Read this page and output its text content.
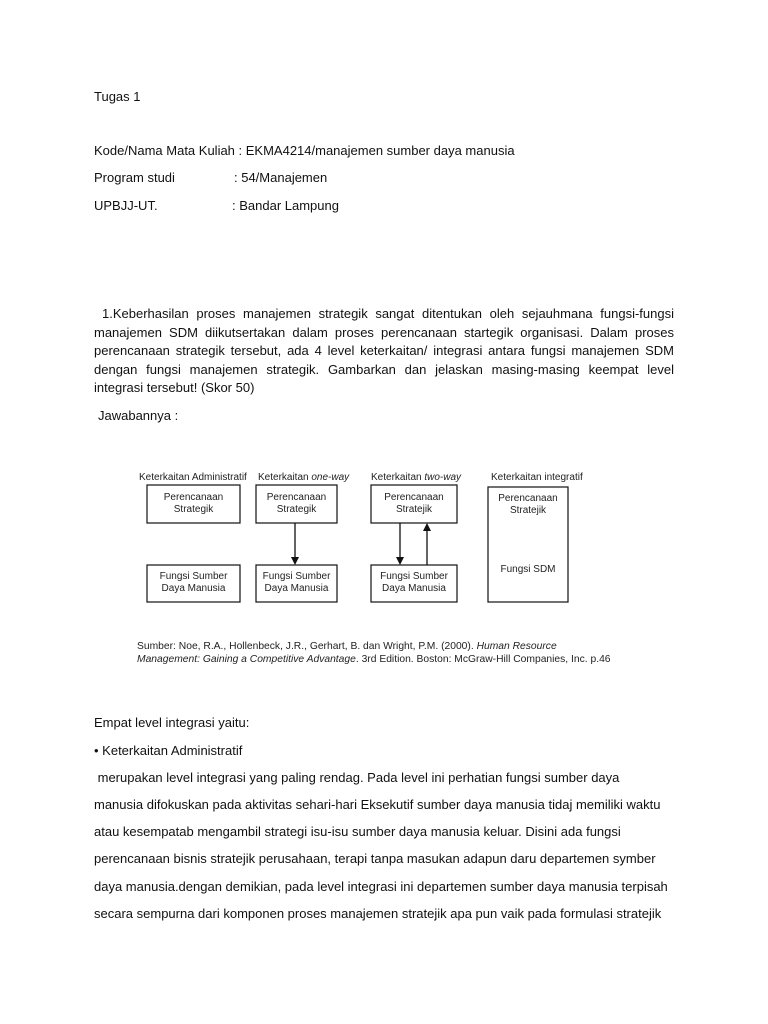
Tugas 1
Kode/Nama Mata Kuliah : EKMA4214/manajemen sumber daya manusia
Program studi	: 54/Manajemen
UPBJJ-UT.	: Bandar Lampung
1.Keberhasilan proses manajemen strategik sangat ditentukan oleh sejauhmana fungsi-fungsi manajemen SDM diikutsertakan dalam proses perencanaan startegik organisasi. Dalam proses perencanaan strategik tersebut, ada 4 level keterkaitan/ integrasi antara fungsi manajemen SDM dengan fungsi manajemen strategik. Gambarkan dan jelaskan masing-masing keempat level integrasi tersebut! (Skor 50)
Jawabannya :
Keterkaitan Administratif
Perencanaan
Strategik
Fungsi Sumber
Daya Manusia
Keterkaitan one-way
Perencanaan
Strategik
Fungsi Sumber
Daya Manusia
Keterkaitan two-way
Perencanaan
Stratejik
Fungsi Sumber
Daya Manusia
Keterkaitan integratif
Perencanaan
Stratejik
Fungsi SDM
Sumber: Noe, R.A., Hollenbeck, J.R., Gerhart, B. dan Wright, P.M. (2000). Human Resource
Management: Gaining a Competitive Advantage. 3rd Edition. Boston: McGraw-Hill Companies, Inc. p.46
Empat level integrasi yaitu:
• Keterkaitan Administratif
merupakan level integrasi yang paling rendag. Pada level ini perhatian fungsi sumber daya
manusia difokuskan pada aktivitas sehari-hari Eksekutif sumber daya manusia tidaj memiliki waktu
atau kesempatab mengambil strategi isu-isu sumber daya manusia keluar. Disini ada fungsi
perencanaan bisnis stratejik perusahaan, terapi tanpa masukan adapun daru departemen symber
daya manusia.dengan demikian, pada level integrasi ini departemen sumber daya manusia terpisah
secara sempurna dari komponen proses manajemen stratejik apa pun vaik pada formulasi stratejik
